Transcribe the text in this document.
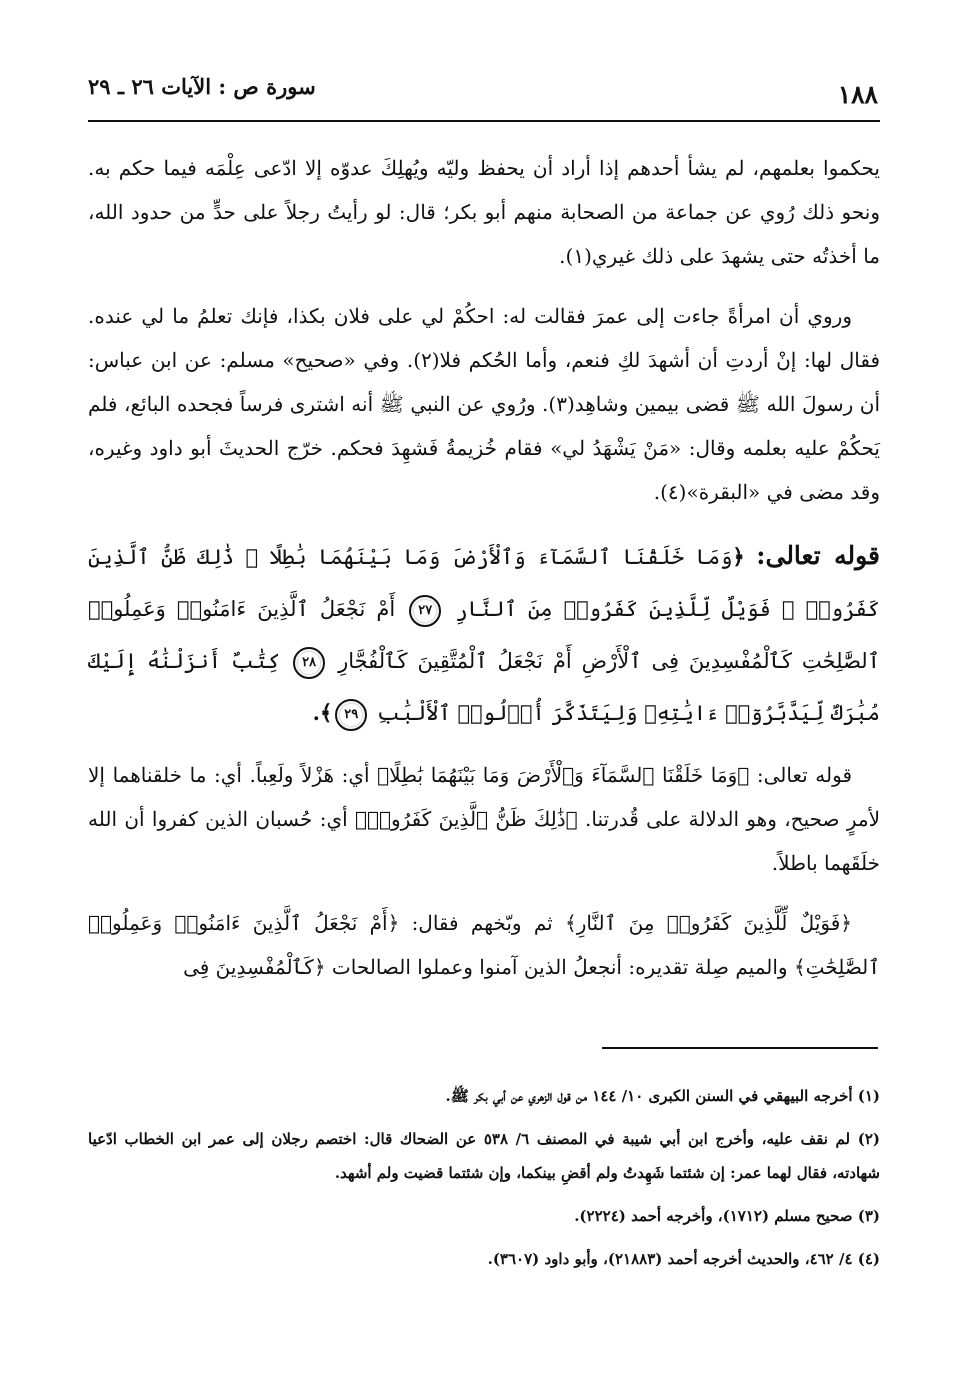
١٨٨
سورة ص : الآيات ٢٦ ـ ٢٩

يحكموا بعلمهم، لم يشأ أحدهم إذا أراد أن يحفظ وليّه ويُهلِكَ عدوّه إلا ادّعى عِلْمَه فيما حكم به. ونحو ذلك رُوي عن جماعة من الصحابة منهم أبو بكر؛ قال: لو رأيتُ رجلاً على حدٍّ من حدود الله، ما أخذتُه حتى يشهدَ على ذلك غيري(١).

وروي أن امرأةً جاءت إلى عمرَ فقالت له: احكُمْ لي على فلان بكذا، فإنك تعلمُ ما لي عنده. فقال لها: إنْ أردتِ أن أشهدَ لكِ فنعم، وأما الحُكم فلا(٢). وفي «صحيح» مسلم: عن ابن عباس: أن رسولَ الله ﷺ قضى بيمين وشاهِد(٣). ورُوي عن النبي ﷺ أنه اشترى فرساً فجحده البائع، فلم يَحكُمْ عليه بعلمه وقال: «مَنْ يَشْهَدُ لي» فقام خُزيمةُ فَشهِدَ فحكم. خرّج الحديثَ أبو داود وغيره، وقد مضى في «البقرة»(٤).

قوله تعالى: ﴿وَمَا خَلَقْنَا ٱلسَّمَآءَ وَٱلْأَرْضَ وَمَا بَيْنَهُمَا بَٰطِلًا ۚ ذَٰلِكَ ظَنُّ ٱلَّذِينَ كَفَرُوا۟ ۚ فَوَيْلٌ لِّلَّذِينَ كَفَرُوا۟ مِنَ ٱلنَّارِ ٢٧ أَمْ نَجْعَلُ ٱلَّذِينَ ءَامَنُوا۟ وَعَمِلُوا۟ ٱلصَّٰلِحَٰتِ كَٱلْمُفْسِدِينَ فِى ٱلْأَرْضِ أَمْ نَجْعَلُ ٱلْمُتَّقِينَ كَٱلْفُجَّارِ ٢٨ كِتَٰبٌ أَنزَلْنَٰهُ إِلَيْكَ مُبَٰرَكٌ لِّيَدَّبَّرُوٓا۟ ءَايَٰتِهِۦ وَلِيَتَذَكَّرَ أُو۟لُوا۟ ٱلْأَلْبَٰبِ ٢٩﴾.

قوله تعالى: ﴿وَمَا خَلَقْنَا ٱلسَّمَآءَ وَٱلْأَرْضَ وَمَا بَيْنَهُمَا بَٰطِلًا﴾ أي: هَزْلاً ولَعِباً. أي: ما خلقناهما إلا لأمرٍ صحيح، وهو الدلالة على قُدرتنا. ﴿ذَٰلِكَ ظَنُّ ٱلَّذِينَ كَفَرُوا۟﴾ أي: حُسبان الذين كفروا أن الله خلَقَهما باطلاً.

﴿فَوَيْلٌ لِّلَّذِينَ كَفَرُوا۟ مِنَ ٱلنَّارِ﴾ ثم وبّخهم فقال: ﴿أَمْ نَجْعَلُ ٱلَّذِينَ ءَامَنُوا۟ وَعَمِلُوا۟ ٱلصَّٰلِحَٰتِ﴾ والميم صِلة تقديره: أنجعلُ الذين آمنوا وعملوا الصالحات ﴿كَٱلْمُفْسِدِينَ فِى

(١) أخرجه البيهقي في السنن الكبرى ١٠/ ١٤٤ من قول الزهري عن أبي بكر ﷺ.

(٢) لم نقف عليه، وأخرج ابن أبي شيبة في المصنف ٦/ ٥٣٨ عن الضحاك قال: اختصم رجلان إلى عمر ابن الخطاب ادّعيا شهادته، فقال لهما عمر: إن شئتما شَهِدتُ ولم أقضِ بينكما، وإن شئتما قضيت ولم أشهد.

(٣) صحيح مسلم (١٧١٢)، وأخرجه أحمد (٢٢٢٤).

(٤) ٤/ ٤٦٢، والحديث أخرجه أحمد (٢١٨٨٣)، وأبو داود (٣٦٠٧).
